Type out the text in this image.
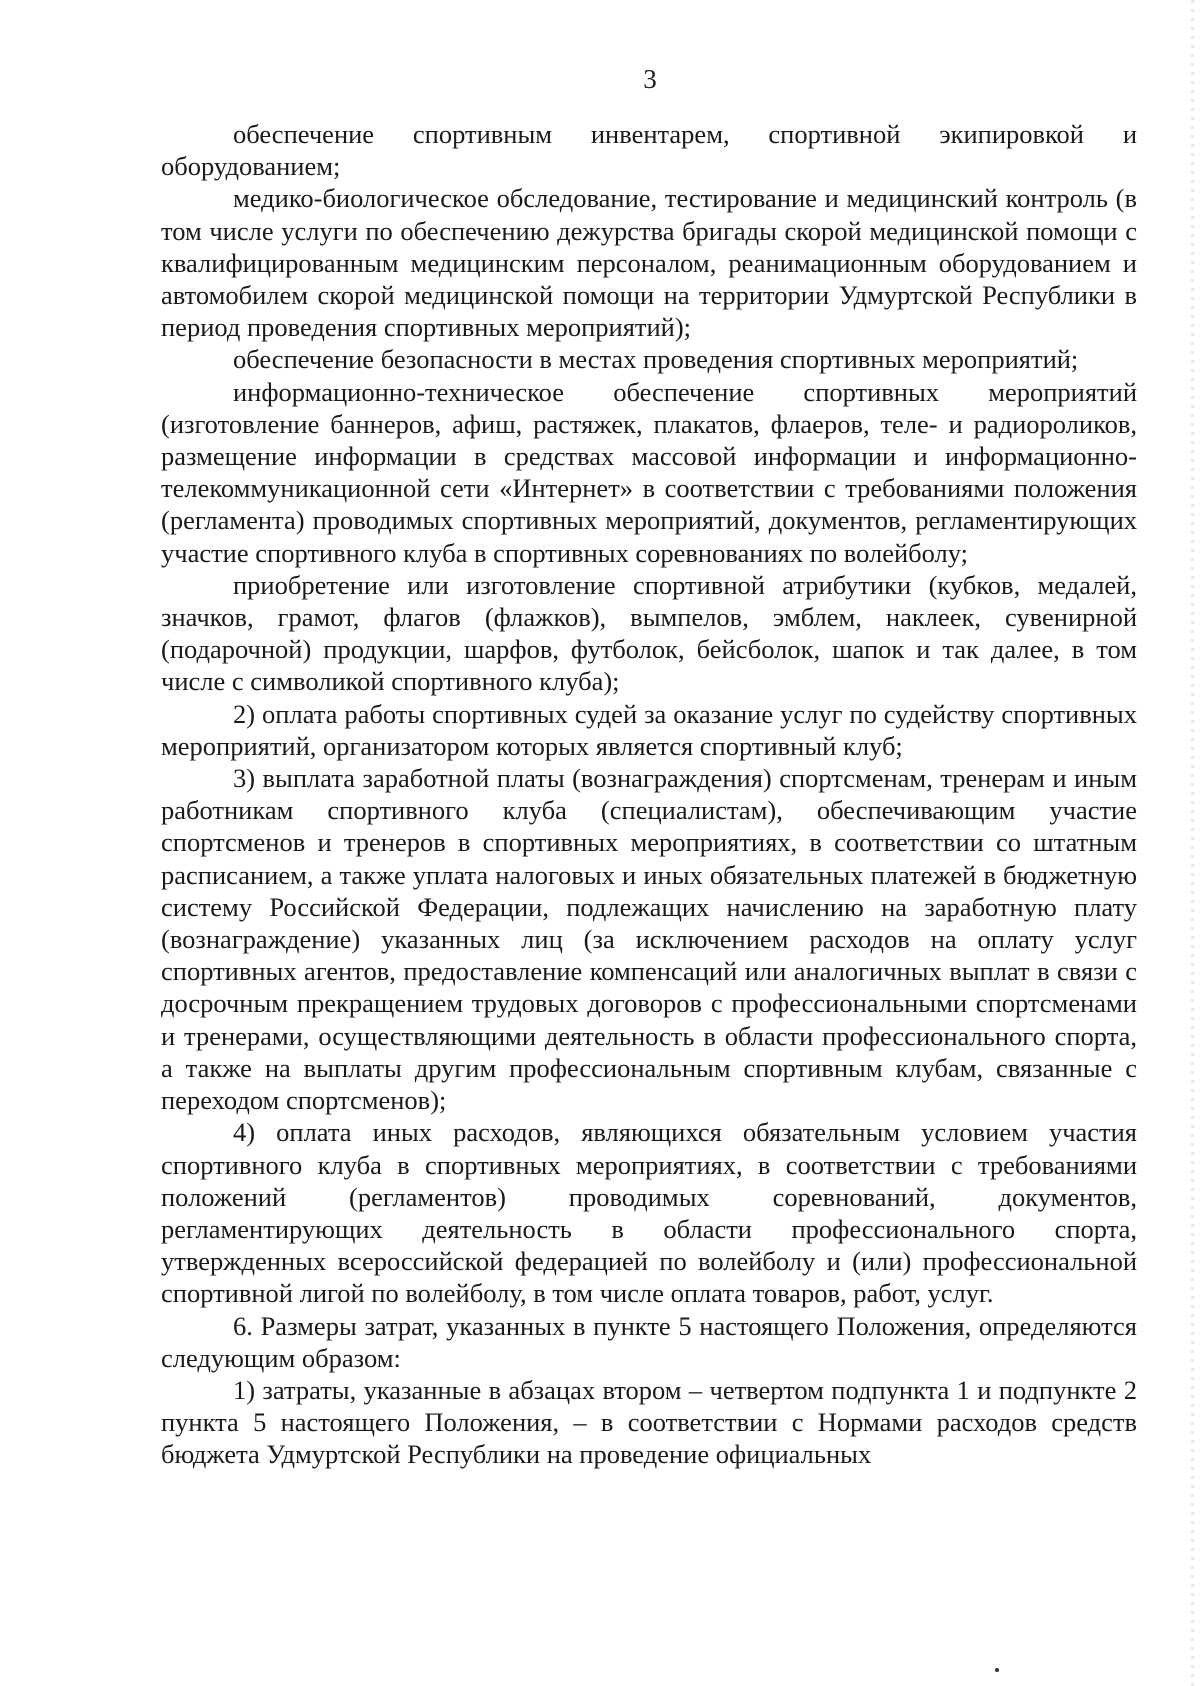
3

обеспечение спортивным инвентарем, спортивной экипировкой и оборудованием;

медико-биологическое обследование, тестирование и медицинский контроль (в том числе услуги по обеспечению дежурства бригады скорой медицинской помощи с квалифицированным медицинским персоналом, реанимационным оборудованием и автомобилем скорой медицинской помощи на территории Удмуртской Республики в период проведения спортивных мероприятий);

обеспечение безопасности в местах проведения спортивных мероприятий;

информационно-техническое обеспечение спортивных мероприятий (изготовление баннеров, афиш, растяжек, плакатов, флаеров, теле- и радиороликов, размещение информации в средствах массовой информации и информационно-телекоммуникационной сети «Интернет» в соответствии с требованиями положения (регламента) проводимых спортивных мероприятий, документов, регламентирующих участие спортивного клуба в спортивных соревнованиях по волейболу;

приобретение или изготовление спортивной атрибутики (кубков, медалей, значков, грамот, флагов (флажков), вымпелов, эмблем, наклеек, сувенирной (подарочной) продукции, шарфов, футболок, бейсболок, шапок и так далее, в том числе с символикой спортивного клуба);

2) оплата работы спортивных судей за оказание услуг по судейству спортивных мероприятий, организатором которых является спортивный клуб;

3) выплата заработной платы (вознаграждения) спортсменам, тренерам и иным работникам спортивного клуба (специалистам), обеспечивающим участие спортсменов и тренеров в спортивных мероприятиях, в соответствии со штатным расписанием, а также уплата налоговых и иных обязательных платежей в бюджетную систему Российской Федерации, подлежащих начислению на заработную плату (вознаграждение) указанных лиц (за исключением расходов на оплату услуг спортивных агентов, предоставление компенсаций или аналогичных выплат в связи с досрочным прекращением трудовых договоров с профессиональными спортсменами и тренерами, осуществляющими деятельность в области профессионального спорта, а также на выплаты другим профессиональным спортивным клубам, связанные с переходом спортсменов);

4) оплата иных расходов, являющихся обязательным условием участия спортивного клуба в спортивных мероприятиях, в соответствии с требованиями положений (регламентов) проводимых соревнований, документов, регламентирующих деятельность в области профессионального спорта, утвержденных всероссийской федерацией по волейболу и (или) профессиональной спортивной лигой по волейболу, в том числе оплата товаров, работ, услуг.

6. Размеры затрат, указанных в пункте 5 настоящего Положения, определяются следующим образом:

1) затраты, указанные в абзацах втором – четвертом подпункта 1 и подпункте 2 пункта 5 настоящего Положения, – в соответствии с Нормами расходов средств бюджета Удмуртской Республики на проведение официальных
